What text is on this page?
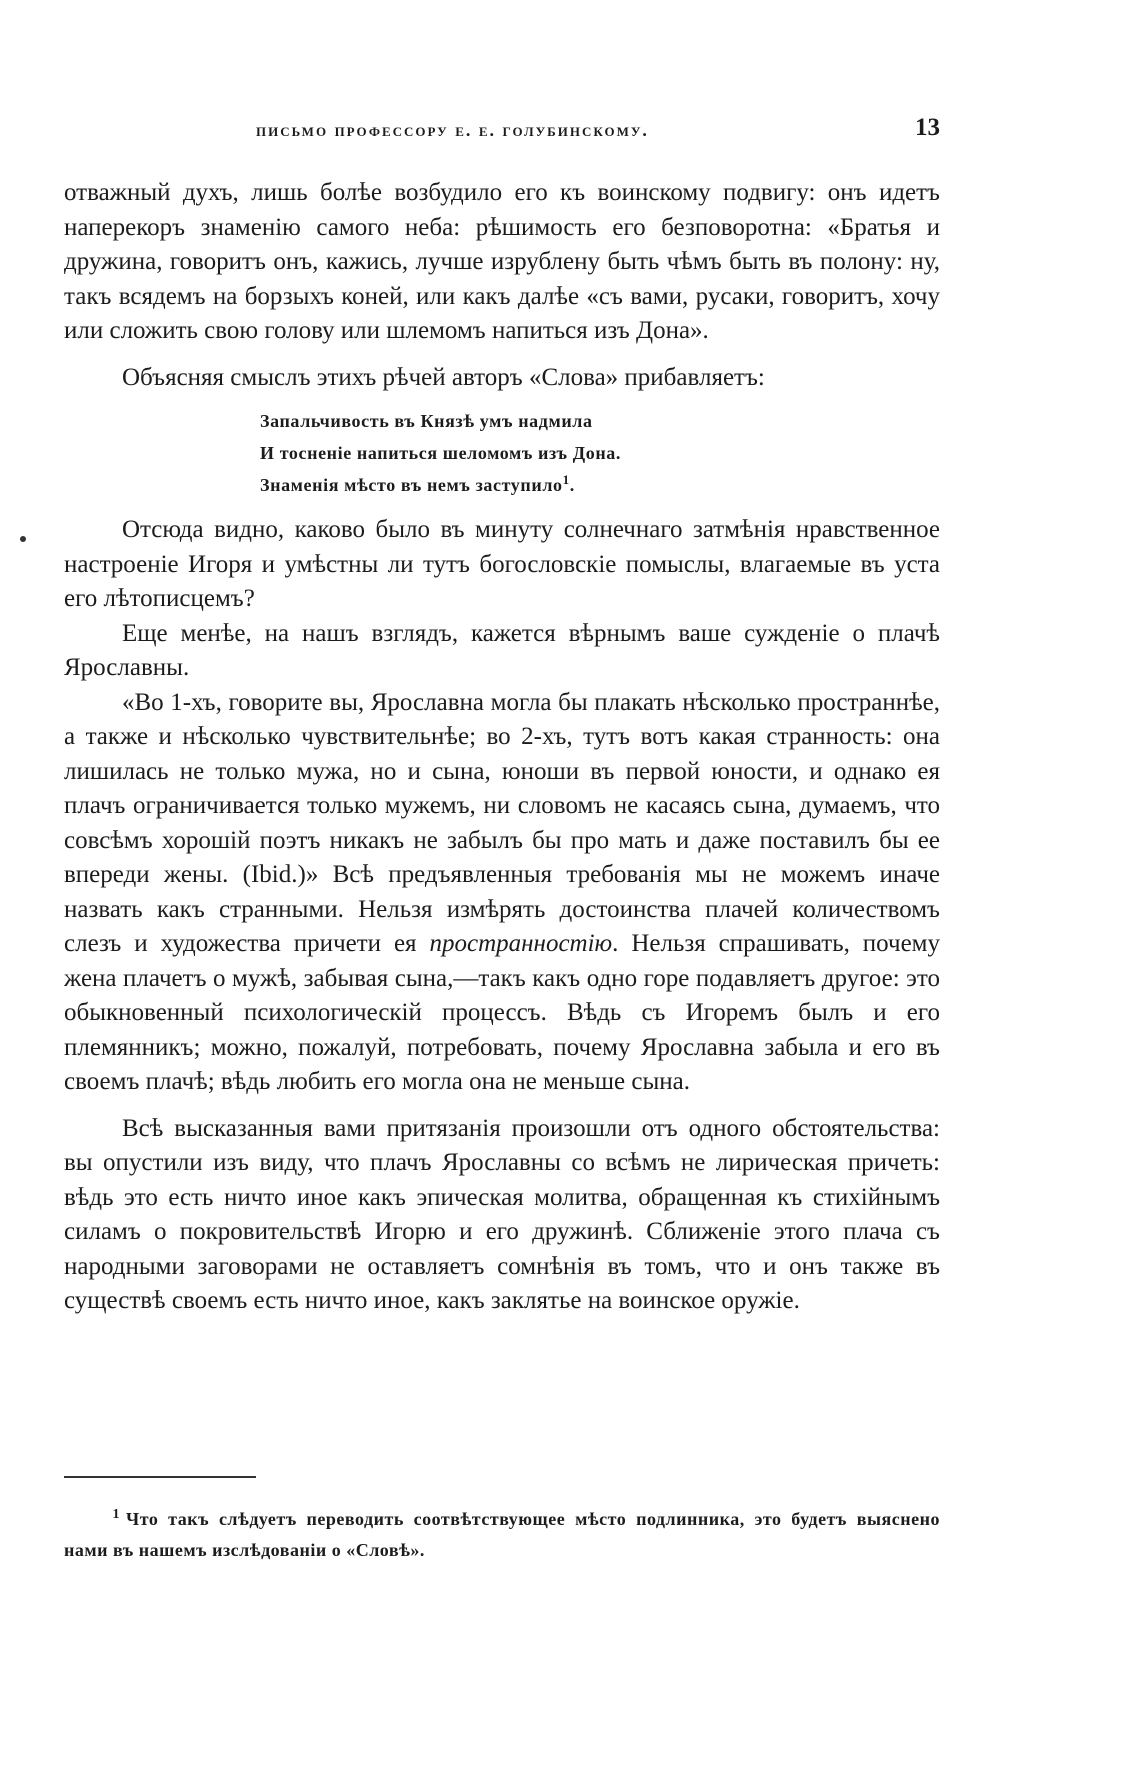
письмо профессору е. е. голубинскому.	13

отважный духъ, лишь болѣе возбудило его къ воинскому подвигу: онъ идетъ наперекоръ знаменію самого неба: рѣшимость его безповоротна: «Братья и дружина, говоритъ онъ, кажись, лучше изрублену быть чѣмъ быть въ полону: ну, такъ всядемъ на борзыхъ коней, или какъ далѣе «съ вами, русаки, говоритъ, хочу или сложить свою голову или шлемомъ напиться изъ Дона».

Объясняя смыслъ этихъ рѣчей авторъ «Слова» прибавляетъ:

Запальчивость въ Князѣ умъ надмила
И тосненіе напиться шеломомъ изъ Дона.
Знаменія мѣсто въ немъ заступило$^1$.

Отсюда видно, каково было въ минуту солнечнаго затмѣнія нравственное настроеніе Игоря и умѣстны ли тутъ богословскіе помыслы, влагаемые въ уста его лѣтописцемъ?

Еще менѣе, на нашъ взглядъ, кажется вѣрнымъ ваше сужденіе о плачѣ Ярославны.

«Во 1-хъ, говорите вы, Ярославна могла бы плакать нѣсколько пространнѣе, а также и нѣсколько чувствительнѣе; во 2-хъ, тутъ вотъ какая странность: она лишилась не только мужа, но и сына, юноши въ первой юности, и однако ея плачъ ограничивается только мужемъ, ни словомъ не касаясь сына, думаемъ, что совсѣмъ хорошій поэтъ никакъ не забылъ бы про мать и даже поставилъ бы ее впереди жены. (Ibid.)» Всѣ предъявленныя требованія мы не можемъ иначе назвать какъ странными. Нельзя измѣрять достоинства плачей количествомъ слезъ и художества причети ея пространностію. Нельзя спрашивать, почему жена плачетъ о мужѣ, забывая сына,—такъ какъ одно горе подавляетъ другое: это обыкновенный психологическій процессъ. Вѣдь съ Игоремъ былъ и его племянникъ; можно, пожалуй, потребовать, почему Ярославна забыла и его въ своемъ плачѣ; вѣдь любить его могла она не меньше сына.

Всѣ высказанныя вами притязанія произошли отъ одного обстоятельства: вы опустили изъ виду, что плачъ Ярославны со всѣмъ не лирическая причеть: вѣдь это есть ничто иное какъ эпическая молитва, обращенная къ стихійнымъ силамъ о покровительствѣ Игорю и его дружинѣ. Сближеніе этого плача съ народными заговорами не оставляетъ сомнѣнія въ томъ, что и онъ также въ существѣ своемъ есть ничто иное, какъ заклятье на воинское оружіе.

1 Что такъ слѣдуетъ переводить соотвѣтствующее мѣсто подлинника, это будетъ выяснено нами въ нашемъ изслѣдованіи о «Словѣ».
